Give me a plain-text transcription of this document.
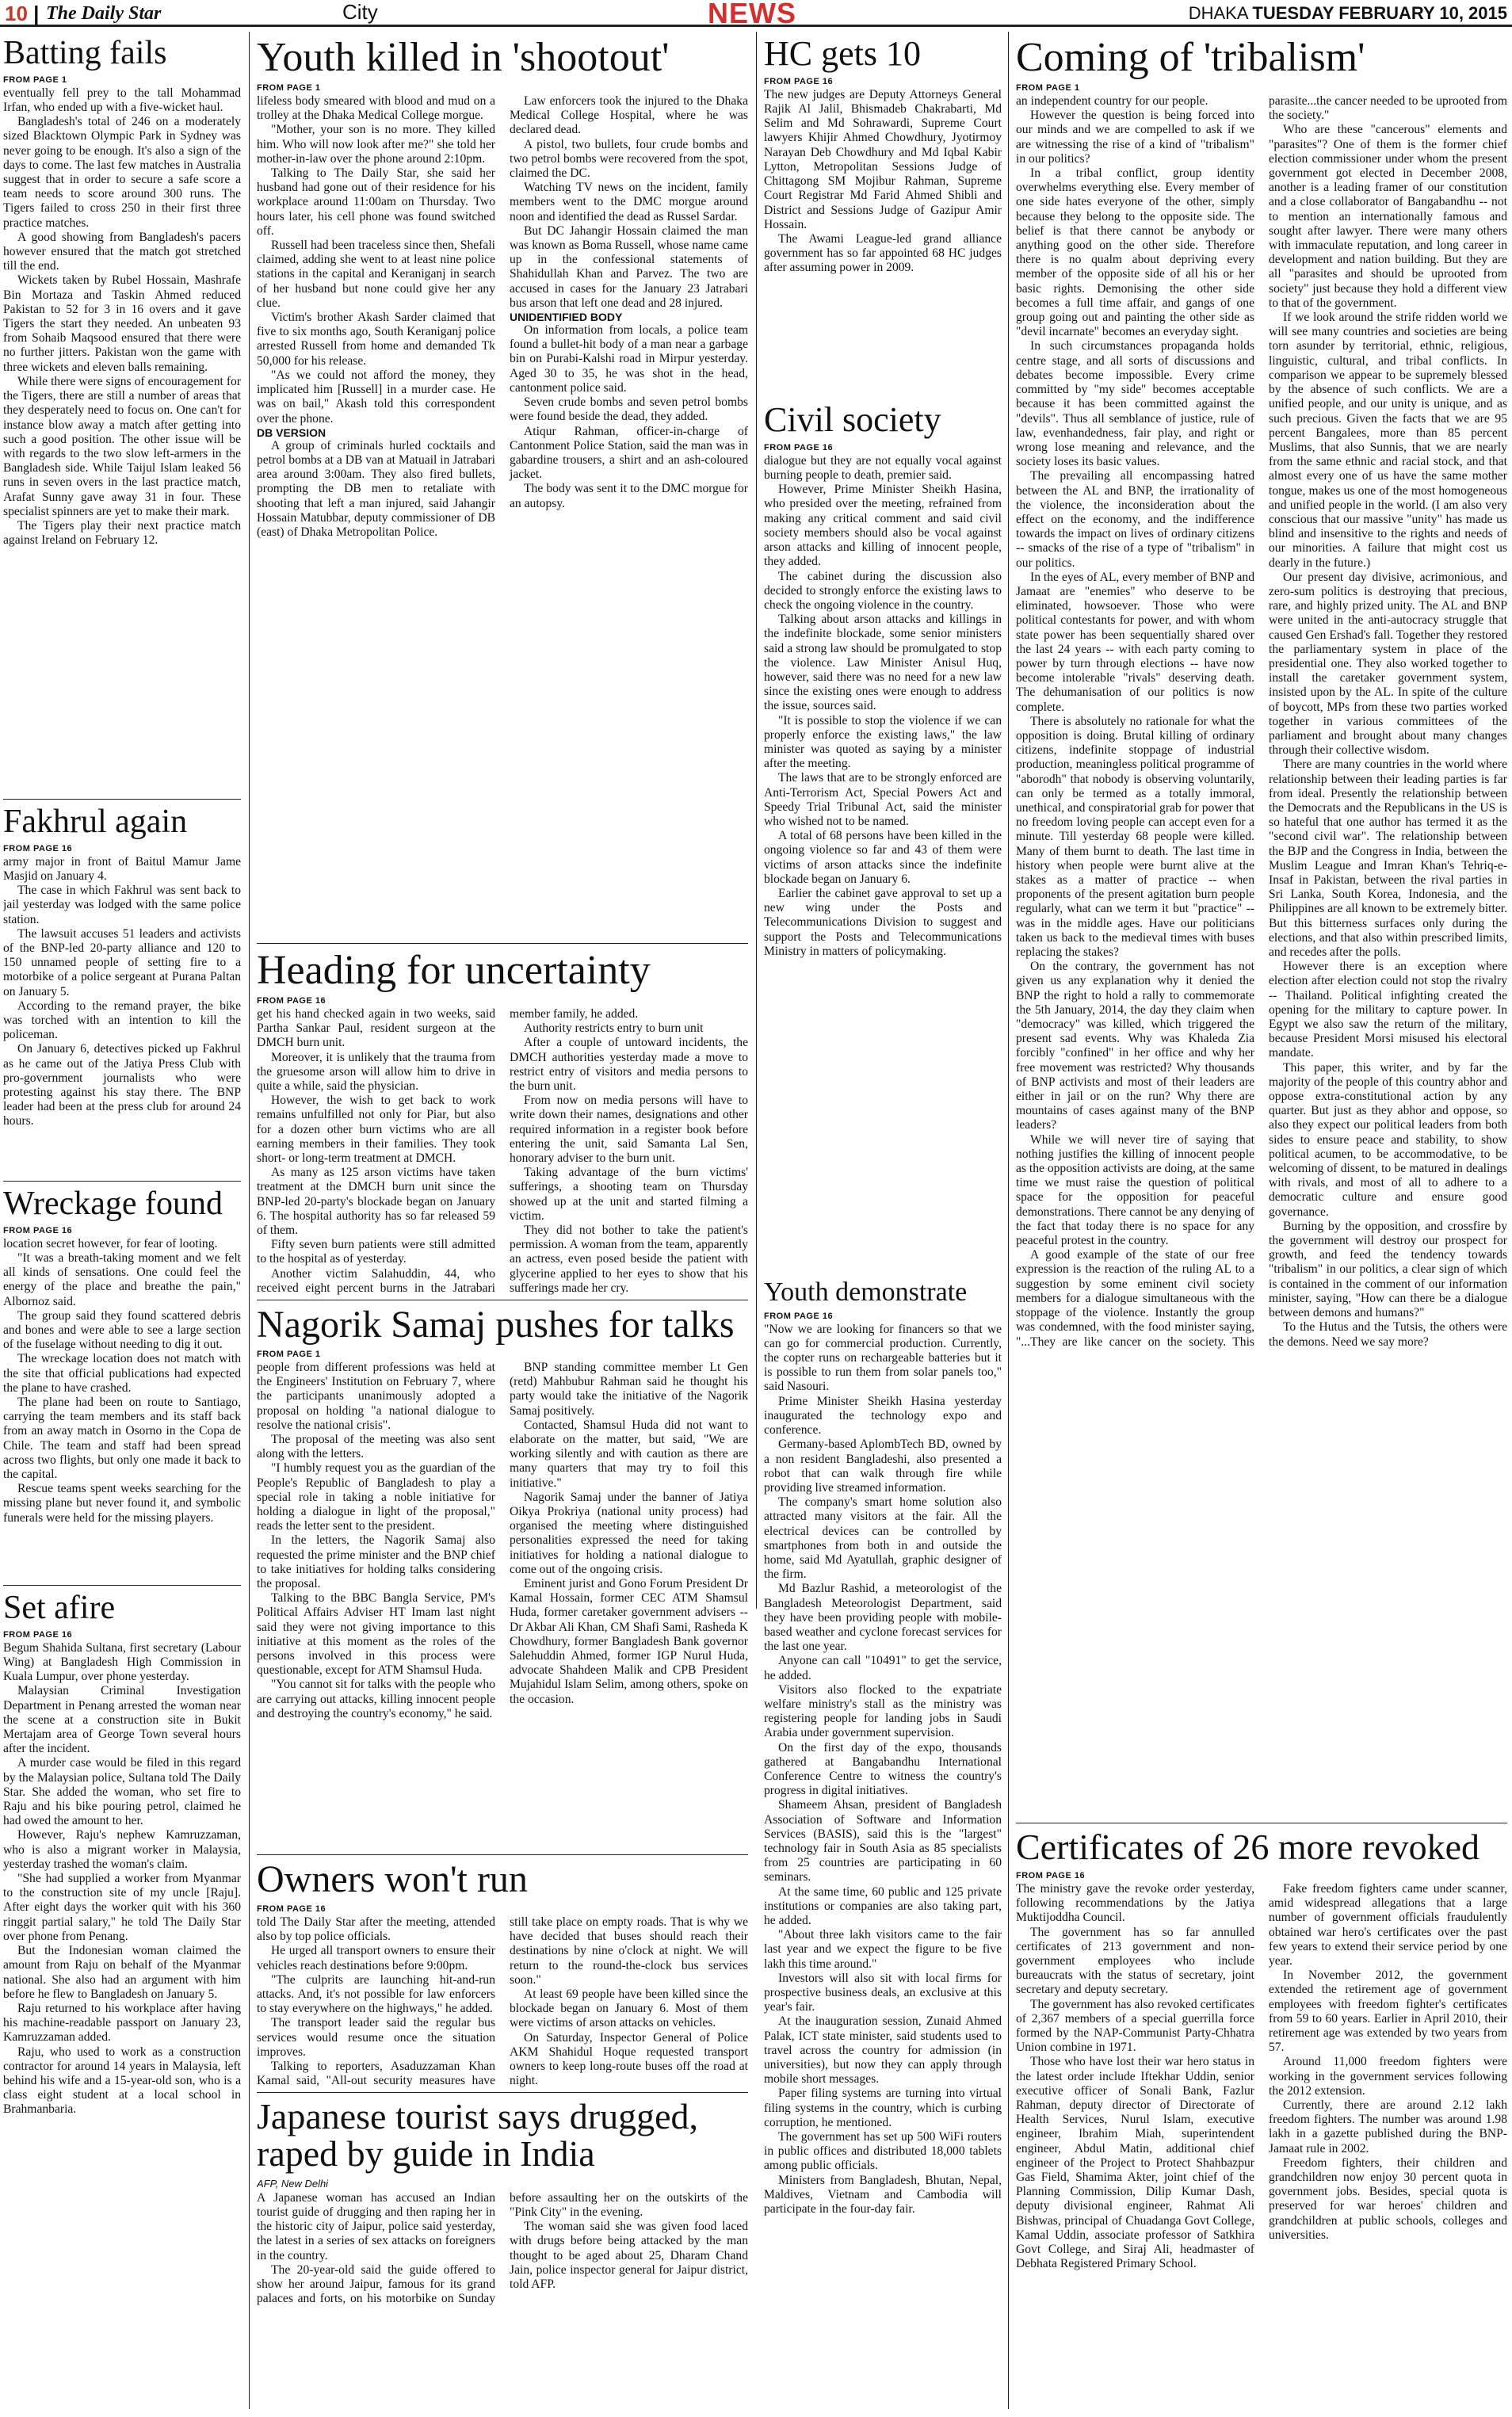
10 | The Daily Star	City	NEWS	DHAKA TUESDAY FEBRUARY 10, 2015
Batting fails
FROM PAGE 1

eventually fell prey to the tall Mohammad Irfan, who ended up with a five-wicket haul.

Bangladesh's total of 246 on a moderately sized Blacktown Olympic Park in Sydney was never going to be enough. It's also a sign of the days to come. The last few matches in Australia suggest that in order to secure a safe score a team needs to score around 300 runs. The Tigers failed to cross 250 in their first three practice matches.

A good showing from Bangladesh's pacers however ensured that the match got stretched till the end.

Wickets taken by Rubel Hossain, Mashrafe Bin Mortaza and Taskin Ahmed reduced Pakistan to 52 for 3 in 16 overs and it gave Tigers the start they needed. An unbeaten 93 from Sohaib Maqsood ensured that there were no further jitters. Pakistan won the game with three wickets and eleven balls remaining.

While there were signs of encouragement for the Tigers, there are still a number of areas that they desperately need to focus on. One can't for instance blow away a match after getting into such a good position. The other issue will be with regards to the two slow left-armers in the Bangladesh side. While Taijul Islam leaked 56 runs in seven overs in the last practice match, Arafat Sunny gave away 31 in four. These specialist spinners are yet to make their mark.

The Tigers play their next practice match against Ireland on February 12.

Fakhrul again
FROM PAGE 16

army major in front of Baitul Mamur Jame Masjid on January 4.

The case in which Fakhrul was sent back to jail yesterday was lodged with the same police station.

The lawsuit accuses 51 leaders and activists of the BNP-led 20-party alliance and 120 to 150 unnamed people of setting fire to a motorbike of a police sergeant at Purana Paltan on January 5.

According to the remand prayer, the bike was torched with an intention to kill the policeman.

On January 6, detectives picked up Fakhrul as he came out of the Jatiya Press Club with pro-government journalists who were protesting against his stay there. The BNP leader had been at the press club for around 24 hours.

Wreckage found
FROM PAGE 16

location secret however, for fear of looting.

"It was a breath-taking moment and we felt all kinds of sensations. One could feel the energy of the place and breathe the pain," Albornoz said.

The group said they found scattered debris and bones and were able to see a large section of the fuselage without needing to dig it out.

The wreckage location does not match with the site that official publications had expected the plane to have crashed.

The plane had been on route to Santiago, carrying the team members and its staff back from an away match in Osorno in the Copa de Chile. The team and staff had been spread across two flights, but only one made it back to the capital.

Rescue teams spent weeks searching for the missing plane but never found it, and symbolic funerals were held for the missing players.

Set afire
FROM PAGE 16

Begum Shahida Sultana, first secretary (Labour Wing) at Bangladesh High Commission in Kuala Lumpur, over phone yesterday.

Malaysian Criminal Investigation Department in Penang arrested the woman near the scene at a construction site in Bukit Mertajam area of George Town several hours after the incident.

A murder case would be filed in this regard by the Malaysian police, Sultana told The Daily Star. She added the woman, who set fire to Raju and his bike pouring petrol, claimed he had owed the amount to her.

However, Raju's nephew Kamruzzaman, who is also a migrant worker in Malaysia, yesterday trashed the woman's claim.

"She had supplied a worker from Myanmar to the construction site of my uncle [Raju]. After eight days the worker quit with his 360 ringgit partial salary," he told The Daily Star over phone from Penang.

But the Indonesian woman claimed the amount from Raju on behalf of the Myanmar national. She also had an argument with him before he flew to Bangladesh on January 5.

Raju returned to his workplace after having his machine-readable passport on January 23, Kamruzzaman added.

Raju, who used to work as a construction contractor for around 14 years in Malaysia, left behind his wife and a 15-year-old son, who is a class eight student at a local school in Brahmanbaria.

Youth killed in 'shootout'
FROM PAGE 1

lifeless body smeared with blood and mud on a trolley at the Dhaka Medical College morgue.

"Mother, your son is no more. They killed him. Who will now look after me?" she told her mother-in-law over the phone around 2:10pm.

Talking to The Daily Star, she said her husband had gone out of their residence for his workplace around 11:00am on Thursday. Two hours later, his cell phone was found switched off.

Russell had been traceless since then, Shefali claimed, adding she went to at least nine police stations in the capital and Keraniganj in search of her husband but none could give her any clue.

Victim's brother Akash Sarder claimed that five to six months ago, South Keraniganj police arrested Russell from home and demanded Tk 50,000 for his release.

"As we could not afford the money, they implicated him [Russell] in a murder case. He was on bail," Akash told this correspondent over the phone.

DB VERSION

A group of criminals hurled cocktails and petrol bombs at a DB van at Matuail in Jatrabari area around 3:00am. They also fired bullets, prompting the DB men to retaliate with shooting that left a man injured, said Jahangir Hossain Matubbar, deputy commissioner of DB (east) of Dhaka Metropolitan Police.

Law enforcers took the injured to the Dhaka Medical College Hospital, where he was declared dead.

A pistol, two bullets, four crude bombs and two petrol bombs were recovered from the spot, claimed the DC.

Watching TV news on the incident, family members went to the DMC morgue around noon and identified the dead as Russel Sardar.

But DC Jahangir Hossain claimed the man was known as Boma Russell, whose name came up in the confessional statements of Shahidullah Khan and Parvez. The two are accused in cases for the January 23 Jatrabari bus arson that left one dead and 28 injured.

UNIDENTIFIED BODY

On information from locals, a police team found a bullet-hit body of a man near a garbage bin on Purabi-Kalshi road in Mirpur yesterday. Aged 30 to 35, he was shot in the head, cantonment police said.

Seven crude bombs and seven petrol bombs were found beside the dead, they added.

Atiqur Rahman, officer-in-charge of Cantonment Police Station, said the man was in gabardine trousers, a shirt and an ash-coloured jacket.

The body was sent it to the DMC morgue for an autopsy.

Heading for uncertainty
FROM PAGE 16

get his hand checked again in two weeks, said Partha Sankar Paul, resident surgeon at the DMCH burn unit.

Moreover, it is unlikely that the trauma from the gruesome arson will allow him to drive in quite a while, said the physician.

However, the wish to get back to work remains unfulfilled not only for Piar, but also for a dozen other burn victims who are all earning members in their families. They took short- or long-term treatment at DMCH.

As many as 125 arson victims have taken treatment at the DMCH burn unit since the BNP-led 20-party's blockade began on January 6. The hospital authority has so far released 59 of them.

Fifty seven burn patients were still admitted to the hospital as of yesterday.

Another victim Salahuddin, 44, who received eight percent burns in the Jatrabari

member family, he added.

Authority restricts entry to burn unit

After a couple of untoward incidents, the DMCH authorities yesterday made a move to restrict entry of visitors and media persons to the burn unit.

From now on media persons will have to write down their names, designations and other required information in a register book before entering the unit, said Samanta Lal Sen, honorary adviser to the burn unit.

Taking advantage of the burn victims' sufferings, a shooting team on Thursday showed up at the unit and started filming a victim.

They did not bother to take the patient's permission. A woman from the team, apparently an actress, even posed beside the patient with glycerine applied to her eyes to show that his sufferings made her cry.

Nagorik Samaj pushes for talks
FROM PAGE 1

people from different professions was held at the Engineers' Institution on February 7, where the participants unanimously adopted a proposal on holding "a national dialogue to resolve the national crisis".

The proposal of the meeting was also sent along with the letters.

"I humbly request you as the guardian of the People's Republic of Bangladesh to play a special role in taking a noble initiative for holding a dialogue in light of the proposal," reads the letter sent to the president.

In the letters, the Nagorik Samaj also requested the prime minister and the BNP chief to take initiatives for holding talks considering the proposal.

Talking to the BBC Bangla Service, PM's Political Affairs Adviser HT Imam last night said they were not giving importance to this initiative at this moment as the roles of the persons involved in this process were questionable, except for ATM Shamsul Huda.

"You cannot sit for talks with the people who are carrying out attacks, killing innocent people and destroying the country's economy," he said.

BNP standing committee member Lt Gen (retd) Mahbubur Rahman said he thought his party would take the initiative of the Nagorik Samaj positively.

Contacted, Shamsul Huda did not want to elaborate on the matter, but said, "We are working silently and with caution as there are many quarters that may try to foil this initiative."

Nagorik Samaj under the banner of Jatiya Oikya Prokriya (national unity process) had organised the meeting where distinguished personalities expressed the need for taking initiatives for holding a national dialogue to come out of the ongoing crisis.

Eminent jurist and Gono Forum President Dr Kamal Hossain, former CEC ATM Shamsul Huda, former caretaker government advisers -- Dr Akbar Ali Khan, CM Shafi Sami, Rasheda K Chowdhury, former Bangladesh Bank governor Salehuddin Ahmed, former IGP Nurul Huda, advocate Shahdeen Malik and CPB President Mujahidul Islam Selim, among others, spoke on the occasion.

Owners won't run
FROM PAGE 16

told The Daily Star after the meeting, attended also by top police officials.

He urged all transport owners to ensure their vehicles reach destinations before 9:00pm.

"The culprits are launching hit-and-run attacks. And, it's not possible for law enforcers to stay everywhere on the highways," he added.

The transport leader said the regular bus services would resume once the situation improves.

Talking to reporters, Asaduzzaman Khan Kamal said, "All-out security measures have still take place on empty roads. That is why we have decided that buses should reach their destinations by nine o'clock at night. We will return to the round-the-clock bus services soon."

At least 69 people have been killed since the blockade began on January 6. Most of them were victims of arson attacks on vehicles.

On Saturday, Inspector General of Police AKM Shahidul Hoque requested transport owners to keep long-route buses off the road at night.

Japanese tourist says drugged, raped by guide in India
AFP, New Delhi

A Japanese woman has accused an Indian tourist guide of drugging and then raping her in the historic city of Jaipur, police said yesterday, the latest in a series of sex attacks on foreigners in the country.

The 20-year-old said the guide offered to show her around Jaipur, famous for its grand palaces and forts, on his motorbike on Sunday before assaulting her on the outskirts of the "Pink City" in the evening.

The woman said she was given food laced with drugs before being attacked by the man thought to be aged about 25, Dharam Chand Jain, police inspector general for Jaipur district, told AFP.

HC gets 10
FROM PAGE 16

The new judges are Deputy Attorneys General Rajik Al Jalil, Bhismadeb Chakrabarti, Md Selim and Md Sohrawardi, Supreme Court lawyers Khijir Ahmed Chowdhury, Jyotirmoy Narayan Deb Chowdhury and Md Iqbal Kabir Lytton, Metropolitan Sessions Judge of Chittagong SM Mojibur Rahman, Supreme Court Registrar Md Farid Ahmed Shibli and District and Sessions Judge of Gazipur Amir Hossain.

The Awami League-led grand alliance government has so far appointed 68 HC judges after assuming power in 2009.

Civil society
FROM PAGE 16

dialogue but they are not equally vocal against burning people to death, premier said.

However, Prime Minister Sheikh Hasina, who presided over the meeting, refrained from making any critical comment and said civil society members should also be vocal against arson attacks and killing of innocent people, they added.

The cabinet during the discussion also decided to strongly enforce the existing laws to check the ongoing violence in the country.

Talking about arson attacks and killings in the indefinite blockade, some senior ministers said a strong law should be promulgated to stop the violence. Law Minister Anisul Huq, however, said there was no need for a new law since the existing ones were enough to address the issue, sources said.

"It is possible to stop the violence if we can properly enforce the existing laws," the law minister was quoted as saying by a minister after the meeting.

The laws that are to be strongly enforced are Anti-Terrorism Act, Special Powers Act and Speedy Trial Tribunal Act, said the minister who wished not to be named.

A total of 68 persons have been killed in the ongoing violence so far and 43 of them were victims of arson attacks since the indefinite blockade began on January 6.

Earlier the cabinet gave approval to set up a new wing under the Posts and Telecommunications Division to suggest and support the Posts and Telecommunications Ministry in matters of policymaking.

Youth demonstrate
FROM PAGE 16

"Now we are looking for financers so that we can go for commercial production. Currently, the copter runs on rechargeable batteries but it is possible to run them from solar panels too," said Nasouri.

Prime Minister Sheikh Hasina yesterday inaugurated the technology expo and conference.

Germany-based AplombTech BD, owned by a non resident Bangladeshi, also presented a robot that can walk through fire while providing live streamed information.

The company's smart home solution also attracted many visitors at the fair. All the electrical devices can be controlled by smartphones from both in and outside the home, said Md Ayatullah, graphic designer of the firm.

Md Bazlur Rashid, a meteorologist of the Bangladesh Meteorologist Department, said they have been providing people with mobile-based weather and cyclone forecast services for the last one year.

Anyone can call "10491" to get the service, he added.

Visitors also flocked to the expatriate welfare ministry's stall as the ministry was registering people for landing jobs in Saudi Arabia under government supervision.

On the first day of the expo, thousands gathered at Bangabandhu International Conference Centre to witness the country's progress in digital initiatives.

Shameem Ahsan, president of Bangladesh Association of Software and Information Services (BASIS), said this is the "largest" technology fair in South Asia as 85 specialists from 25 countries are participating in 60 seminars.

At the same time, 60 public and 125 private institutions or companies are also taking part, he added.

"About three lakh visitors came to the fair last year and we expect the figure to be five lakh this time around."

Investors will also sit with local firms for prospective business deals, an exclusive at this year's fair.

At the inauguration session, Zunaid Ahmed Palak, ICT state minister, said students used to travel across the country for admission (in universities), but now they can apply through mobile short messages.

Paper filing systems are turning into virtual filing systems in the country, which is curbing corruption, he mentioned.

The government has set up 500 WiFi routers in public offices and distributed 18,000 tablets among public officials.

Ministers from Bangladesh, Bhutan, Nepal, Maldives, Vietnam and Cambodia will participate in the four-day fair.

Coming of 'tribalism'
FROM PAGE 1

an independent country for our people.

However the question is being forced into our minds and we are compelled to ask if we are witnessing the rise of a kind of "tribalism" in our politics?

In a tribal conflict, group identity overwhelms everything else. Every member of one side hates everyone of the other, simply because they belong to the opposite side. The belief is that there cannot be anybody or anything good on the other side. Therefore there is no qualm about depriving every member of the opposite side of all his or her basic rights. Demonising the other side becomes a full time affair, and gangs of one group going out and painting the other side as "devil incarnate" becomes an everyday sight.

In such circumstances propaganda holds centre stage, and all sorts of discussions and debates become impossible. Every crime committed by "my side" becomes acceptable because it has been committed against the "devils". Thus all semblance of justice, rule of law, evenhandedness, fair play, and right or wrong lose meaning and relevance, and the society loses its basic values.

The prevailing all encompassing hatred between the AL and BNP, the irrationality of the violence, the inconsideration about the effect on the economy, and the indifference towards the impact on lives of ordinary citizens -- smacks of the rise of a type of "tribalism" in our politics.

In the eyes of AL, every member of BNP and Jamaat are "enemies" who deserve to be eliminated, howsoever. Those who were political contestants for power, and with whom state power has been sequentially shared over the last 24 years -- with each party coming to power by turn through elections -- have now become intolerable "rivals" deserving death. The dehumanisation of our politics is now complete.

There is absolutely no rationale for what the opposition is doing. Brutal killing of ordinary citizens, indefinite stoppage of industrial production, meaningless political programme of "aborodh" that nobody is observing voluntarily, can only be termed as a totally immoral, unethical, and conspiratorial grab for power that no freedom loving people can accept even for a minute. Till yesterday 68 people were killed. Many of them burnt to death. The last time in history when people were burnt alive at the stakes as a matter of practice -- when proponents of the present agitation burn people regularly, what can we term it but "practice" -- was in the middle ages. Have our politicians taken us back to the medieval times with buses replacing the stakes?

On the contrary, the government has not given us any explanation why it denied the BNP the right to hold a rally to commemorate the 5th January, 2014, the day they claim when "democracy" was killed, which triggered the present sad events. Why was Khaleda Zia forcibly "confined" in her office and why her free movement was restricted? Why thousands of BNP activists and most of their leaders are either in jail or on the run? Why there are mountains of cases against many of the BNP leaders?

While we will never tire of saying that nothing justifies the killing of innocent people as the opposition activists are doing, at the same time we must raise the question of political space for the opposition for peaceful demonstrations. There cannot be any denying of the fact that today there is no space for any peaceful protest in the country.

A good example of the state of our free expression is the reaction of the ruling AL to a suggestion by some eminent civil society members for a dialogue simultaneous with the stoppage of the violence. Instantly the group was condemned, with the food minister saying, "...They are like cancer on the society. This parasite...the cancer needed to be uprooted from the society."

Who are these "cancerous" elements and "parasites"? One of them is the former chief election commissioner under whom the present government got elected in December 2008, another is a leading framer of our constitution and a close collaborator of Bangabandhu -- not to mention an internationally famous and sought after lawyer. There were many others with immaculate reputation, and long career in development and nation building. But they are all "parasites and should be uprooted from society" just because they hold a different view to that of the government.

If we look around the strife ridden world we will see many countries and societies are being torn asunder by territorial, ethnic, religious, linguistic, cultural, and tribal conflicts. In comparison we appear to be supremely blessed by the absence of such conflicts. We are a unified people, and our unity is unique, and as such precious. Given the facts that we are 95 percent Bangalees, more than 85 percent Muslims, that also Sunnis, that we are nearly from the same ethnic and racial stock, and that almost every one of us have the same mother tongue, makes us one of the most homogeneous and unified people in the world. (I am also very conscious that our massive "unity" has made us blind and insensitive to the rights and needs of our minorities. A failure that might cost us dearly in the future.)

Our present day divisive, acrimonious, and zero-sum politics is destroying that precious, rare, and highly prized unity. The AL and BNP were united in the anti-autocracy struggle that caused Gen Ershad's fall. Together they restored the parliamentary system in place of the presidential one. They also worked together to install the caretaker government system, insisted upon by the AL. In spite of the culture of boycott, MPs from these two parties worked together in various committees of the parliament and brought about many changes through their collective wisdom.

There are many countries in the world where relationship between their leading parties is far from ideal. Presently the relationship between the Democrats and the Republicans in the US is so hateful that one author has termed it as the "second civil war". The relationship between the BJP and the Congress in India, between the Muslim League and Imran Khan's Tehriq-e-Insaf in Pakistan, between the rival parties in Sri Lanka, South Korea, Indonesia, and the Philippines are all known to be extremely bitter. But this bitterness surfaces only during the elections, and that also within prescribed limits, and recedes after the polls.

However there is an exception where election after election could not stop the rivalry -- Thailand. Political infighting created the opening for the military to capture power. In Egypt we also saw the return of the military, because President Morsi misused his electoral mandate.

This paper, this writer, and by far the majority of the people of this country abhor and oppose extra-constitutional action by any quarter. But just as they abhor and oppose, so also they expect our political leaders from both sides to ensure peace and stability, to show political acumen, to be accommodative, to be welcoming of dissent, to be matured in dealings with rivals, and most of all to adhere to a democratic culture and ensure good governance.

Burning by the opposition, and crossfire by the government will destroy our prospect for growth, and feed the tendency towards "tribalism" in our politics, a clear sign of which is contained in the comment of our information minister, saying, "How can there be a dialogue between demons and humans?"

To the Hutus and the Tutsis, the others were the demons. Need we say more?

Certificates of 26 more revoked
FROM PAGE 16

The ministry gave the revoke order yesterday, following recommendations by the Jatiya Muktijoddha Council.

The government has so far annulled certificates of 213 government and non-government employees who include bureaucrats with the status of secretary, joint secretary and deputy secretary.

The government has also revoked certificates of 2,367 members of a special guerrilla force formed by the NAP-Communist Party-Chhatra Union combine in 1971.

Those who have lost their war hero status in the latest order include Iftekhar Uddin, senior executive officer of Sonali Bank, Fazlur Rahman, deputy director of Directorate of Health Services, Nurul Islam, executive engineer, Ibrahim Miah, superintendent engineer, Abdul Matin, additional chief engineer of the Project to Protect Shahbazpur Gas Field, Shamima Akter, joint chief of the Planning Commission, Dilip Kumar Dash, deputy divisional engineer, Rahmat Ali Bishwas, principal of Chuadanga Govt College, Kamal Uddin, associate professor of Satkhira Govt College, and Siraj Ali, headmaster of Debhata Registered Primary School.

Fake freedom fighters came under scanner, amid widespread allegations that a large number of government officials fraudulently obtained war hero's certificates over the past few years to extend their service period by one year.

In November 2012, the government extended the retirement age of government employees with freedom fighter's certificates from 59 to 60 years. Earlier in April 2010, their retirement age was extended by two years from 57.

Around 11,000 freedom fighters were working in the government services following the 2012 extension.

Currently, there are around 2.12 lakh freedom fighters. The number was around 1.98 lakh in a gazette published during the BNP-Jamaat rule in 2002.

Freedom fighters, their children and grandchildren now enjoy 30 percent quota in government jobs. Besides, special quota is preserved for war heroes' children and grandchildren at public schools, colleges and universities.
